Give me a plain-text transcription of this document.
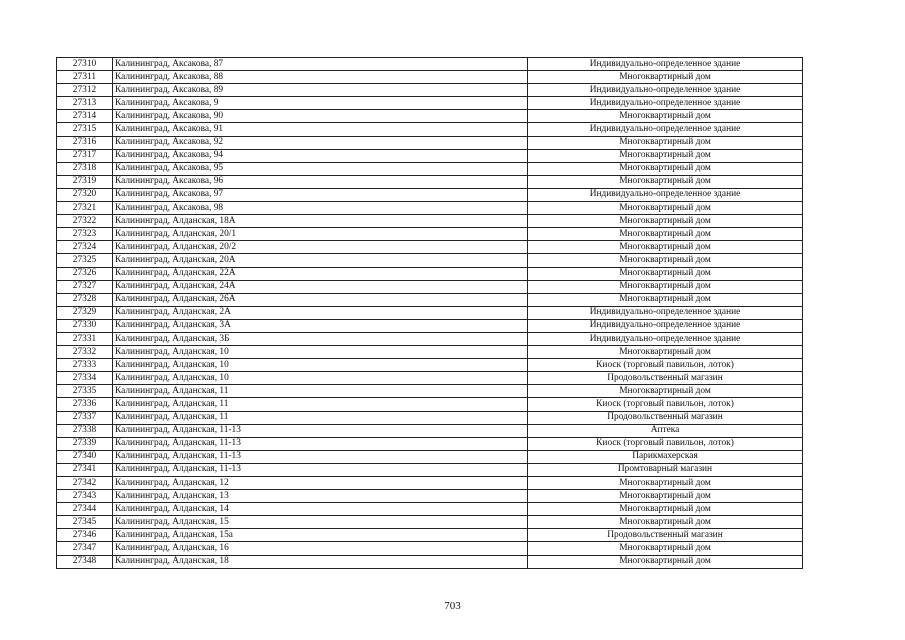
27310	Калининград, Аксакова, 87	Индивидуально-определенное здание
27311	Калининград, Аксакова, 88	Многоквартирный дом
27312	Калининград, Аксакова, 89	Индивидуально-определенное здание
27313	Калининград, Аксакова, 9	Индивидуально-определенное здание
27314	Калининград, Аксакова, 90	Многоквартирный дом
27315	Калининград, Аксакова, 91	Индивидуально-определенное здание
27316	Калининград, Аксакова, 92	Многоквартирный дом
27317	Калининград, Аксакова, 94	Многоквартирный дом
27318	Калининград, Аксакова, 95	Многоквартирный дом
27319	Калининград, Аксакова, 96	Многоквартирный дом
27320	Калининград, Аксакова, 97	Индивидуально-определенное здание
27321	Калининград, Аксакова, 98	Многоквартирный дом
27322	Калининград, Алданская, 18А	Многоквартирный дом
27323	Калининград, Алданская, 20/1	Многоквартирный дом
27324	Калининград, Алданская, 20/2	Многоквартирный дом
27325	Калининград, Алданская, 20А	Многоквартирный дом
27326	Калининград, Алданская, 22А	Многоквартирный дом
27327	Калининград, Алданская, 24А	Многоквартирный дом
27328	Калининград, Алданская, 26А	Многоквартирный дом
27329	Калининград, Алданская, 2А	Индивидуально-определенное здание
27330	Калининград, Алданская, 3А	Индивидуально-определенное здание
27331	Калининград, Алданская, 3Б	Индивидуально-определенное здание
27332	Калининград, Алданская, 10	Многоквартирный дом
27333	Калининград, Алданская, 10	Киоск (торговый павильон, лоток)
27334	Калининград, Алданская, 10	Продовольственный магазин
27335	Калининград, Алданская, 11	Многоквартирный дом
27336	Калининград, Алданская, 11	Киоск (торговый павильон, лоток)
27337	Калининград, Алданская, 11	Продовольственный магазин
27338	Калининград, Алданская, 11-13	Аптека
27339	Калининград, Алданская, 11-13	Киоск (торговый павильон, лоток)
27340	Калининград, Алданская, 11-13	Парикмахерская
27341	Калининград, Алданская, 11-13	Промтоварный магазин
27342	Калининград, Алданская, 12	Многоквартирный дом
27343	Калининград, Алданская, 13	Многоквартирный дом
27344	Калининград, Алданская, 14	Многоквартирный дом
27345	Калининград, Алданская, 15	Многоквартирный дом
27346	Калининград, Алданская, 15а	Продовольственный магазин
27347	Калининград, Алданская, 16	Многоквартирный дом
27348	Калининград, Алданская, 18	Многоквартирный дом
703
